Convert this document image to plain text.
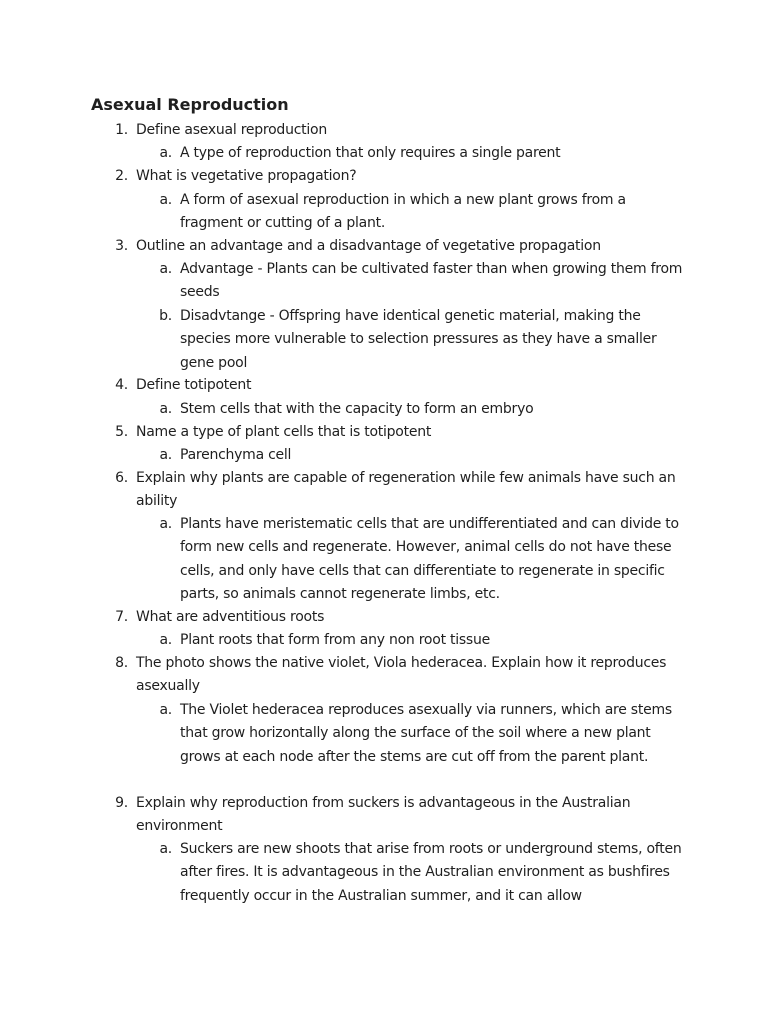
Asexual Reproduction
1. Define asexual reproduction
a. A type of reproduction that only requires a single parent
2. What is vegetative propagation?
a. A form of asexual reproduction in which a new plant grows from a fragment or cutting of a plant.
3. Outline an advantage and a disadvantage of vegetative propagation
a. Advantage - Plants can be cultivated faster than when growing them from seeds
b. Disadvtange - Offspring have identical genetic material, making the species more vulnerable to selection pressures as they have a smaller gene pool
4. Define totipotent
a. Stem cells that with the capacity to form an embryo
5. Name a type of plant cells that is totipotent
a. Parenchyma cell
6. Explain why plants are capable of regeneration while few animals have such an ability
a. Plants have meristematic cells that are undifferentiated and can divide to form new cells and regenerate. However, animal cells do not have these cells, and only have cells that can differentiate to regenerate in specific parts, so animals cannot regenerate limbs, etc.
7. What are adventitious roots
a. Plant roots that form from any non root tissue
8. The photo shows the native violet, Viola hederacea. Explain how it reproduces asexually
a. The Violet hederacea reproduces asexually via runners, which are stems that grow horizontally along the surface of the soil where a new plant grows at each node after the stems are cut off from the parent plant.
9. Explain why reproduction from suckers is advantageous in the Australian environment
a. Suckers are new shoots that arise from roots or underground stems, often after fires. It is advantageous in the Australian environment as bushfires frequently occur in the Australian summer, and it can allow
